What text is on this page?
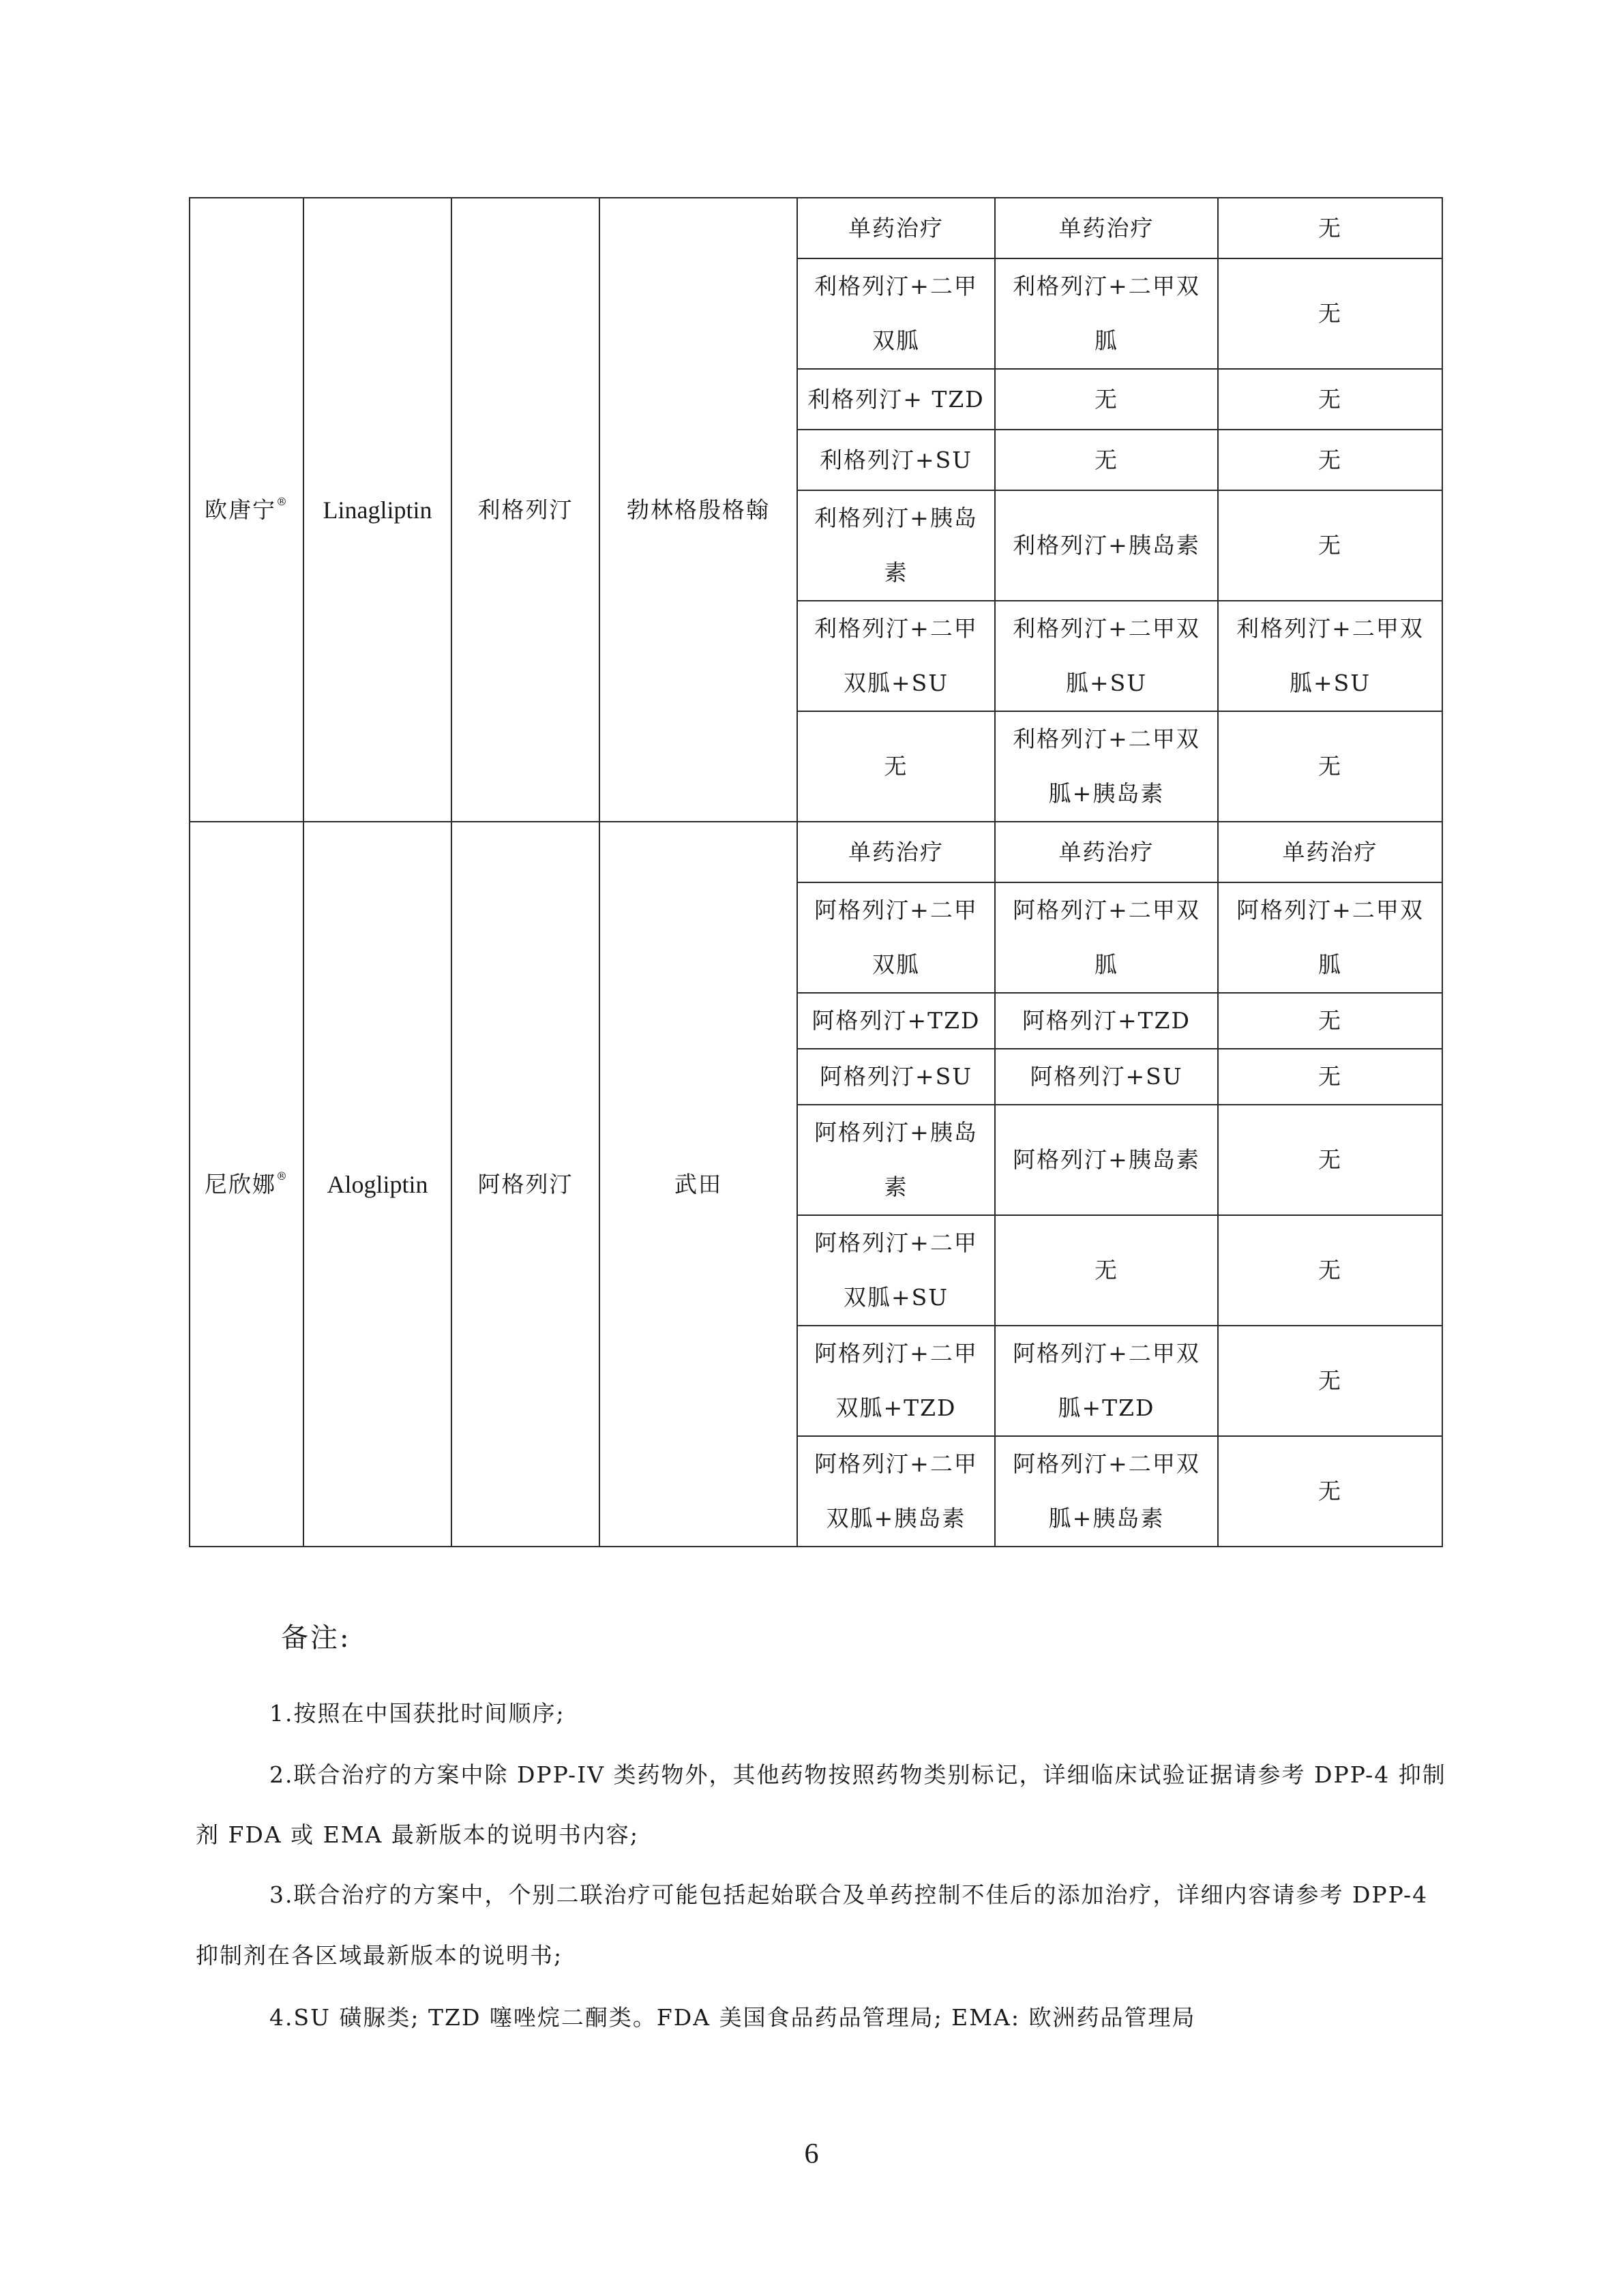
欧唐宁®	Linagliptin	利格列汀	勃林格殷格翰	单药治疗	单药治疗	无
				利格列汀+二甲双胍	利格列汀+二甲双胍	无
				利格列汀+ TZD	无	无
				利格列汀+SU	无	无
				利格列汀+胰岛素	利格列汀+胰岛素	无
				利格列汀+二甲双胍+SU	利格列汀+二甲双胍+SU	利格列汀+二甲双胍+SU
				无	利格列汀+二甲双胍+胰岛素	无
尼欣娜®	Alogliptin	阿格列汀	武田	单药治疗	单药治疗	单药治疗
				阿格列汀+二甲双胍	阿格列汀+二甲双胍	阿格列汀+二甲双胍
				阿格列汀+TZD	阿格列汀+TZD	无
				阿格列汀+SU	阿格列汀+SU	无
				阿格列汀+胰岛素	阿格列汀+胰岛素	无
				阿格列汀+二甲双胍+SU	无	无
				阿格列汀+二甲双胍+TZD	阿格列汀+二甲双胍+TZD	无
				阿格列汀+二甲双胍+胰岛素	阿格列汀+二甲双胍+胰岛素	无
备注:
1.按照在中国获批时间顺序;
2.联合治疗的方案中除 DPP-IV 类药物外，其他药物按照药物类别标记，详细临床试验证据请参考 DPP-4 抑制
剂 FDA 或 EMA 最新版本的说明书内容;
3.联合治疗的方案中，个别二联治疗可能包括起始联合及单药控制不佳后的添加治疗，详细内容请参考 DPP-4
抑制剂在各区域最新版本的说明书;
4.SU 磺脲类; TZD 噻唑烷二酮类。FDA 美国食品药品管理局; EMA: 欧洲药品管理局
6
